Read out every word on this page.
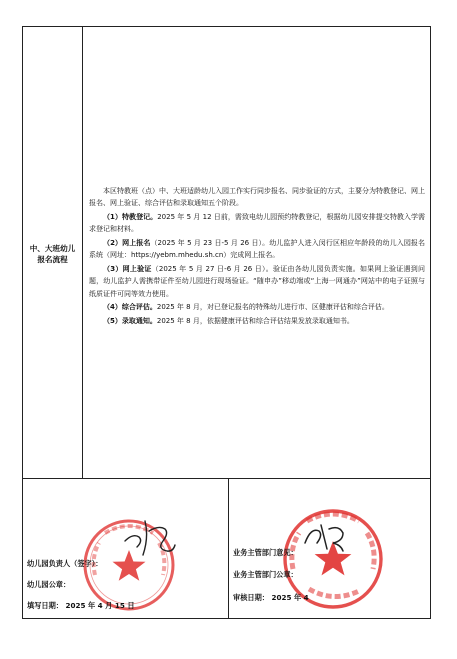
中、大班幼儿
报名流程

本区特教班（点）中、大班适龄幼儿入园工作实行同步报名、同步验证的方式，主要分为特教登记、网上报名、网上验证、综合评估和录取通知五个阶段。

（1）特教登记。2025 年 5 月 12 日前，需致电幼儿园预约特教登记，根据幼儿园安排提交特教入学需求登记和材料。

（2）网上报名（2025 年 5 月 23 日-5 月 26 日）。幼儿监护人进入闵行区相应年龄段的幼儿入园报名系统（网址：https://yebm.mhedu.sh.cn）完成网上报名。

（3）网上验证（2025 年 5 月 27 日-6 月 26 日）。验证由各幼儿园负责实施。如果网上验证遇到问题，幼儿监护人需携带证件至幼儿园进行现场验证。“随申办”移动端或“上海一网通办”网站中的电子证照与纸质证件可同等效力使用。

（4）综合评估。2025 年 8 月，对已登记报名的特殊幼儿进行市、区健康评估和综合评估。

（5）录取通知。2025 年 8 月，依据健康评估和综合评估结果发放录取通知书。

幼儿园负责人（签字）：
幼儿园公章：
填写日期： 2025 年 4 月 15 日
业务主管部门意见：
业务主管部门公章：
审核日期： 2025 年 4
